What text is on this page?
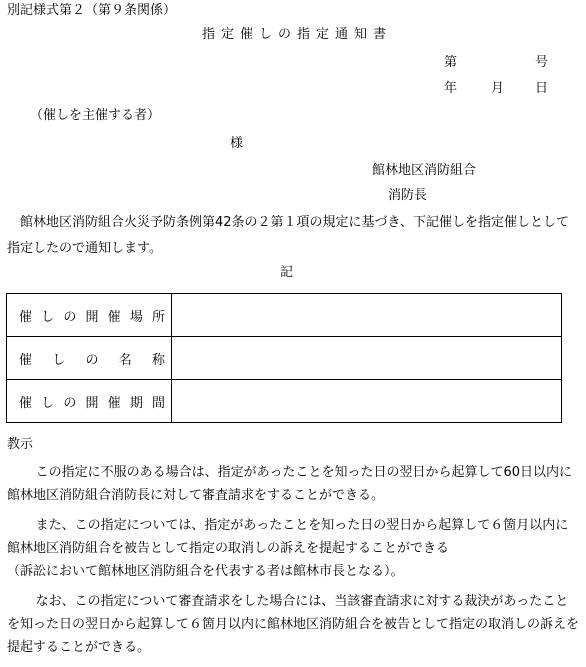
別記様式第２（第９条関係）
指定催しの指定通知書
第	号
年	月 日
（催しを主催する者）
様
館林地区消防組合
消防長
館林地区消防組合火災予防条例第42条の２第１項の規定に基づき、下記催しを指定催しとして指定したので通知します。
記
催しの開催場所	
催しの名称	
催しの開催期間	
教示
この指定に不服のある場合は、指定があったことを知った日の翌日から起算して60日以内に館林地区消防組合消防長に対して審査請求をすることができる。
また、この指定については、指定があったことを知った日の翌日から起算して６箇月以内に館林地区消防組合を被告として指定の取消しの訴えを提起することができる
（訴訟において館林地区消防組合を代表する者は館林市長となる）。
なお、この指定について審査請求をした場合には、当該審査請求に対する裁決があったことを知った日の翌日から起算して６箇月以内に館林地区消防組合を被告として指定の取消しの訴えを提起することができる。
